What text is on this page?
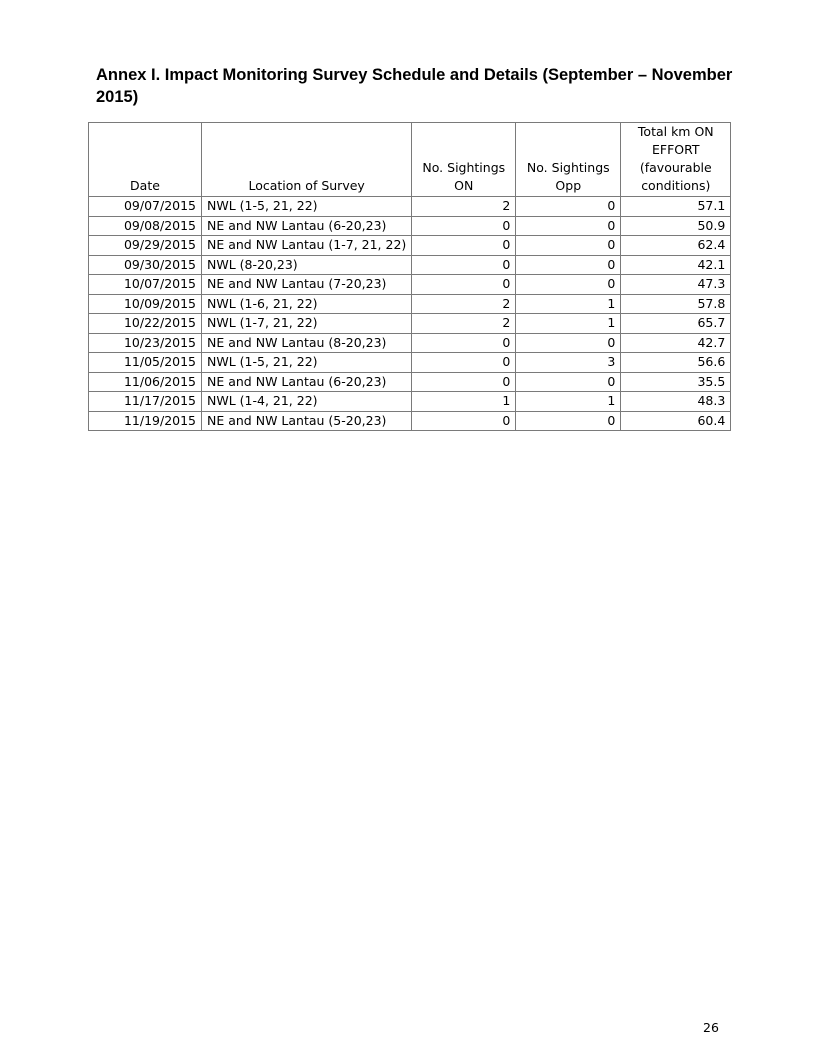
Annex I. Impact Monitoring Survey Schedule and Details (September – November 2015)
Date	Location of Survey	No. Sightings ON	No. Sightings Opp	Total km ON EFFORT (favourable conditions)
09/07/2015	NWL (1-5, 21, 22)	2	0	57.1
09/08/2015	NE and NW Lantau (6-20,23)	0	0	50.9
09/29/2015	NE and NW Lantau (1-7, 21, 22)	0	0	62.4
09/30/2015	NWL (8-20,23)	0	0	42.1
10/07/2015	NE and NW Lantau (7-20,23)	0	0	47.3
10/09/2015	NWL (1-6, 21, 22)	2	1	57.8
10/22/2015	NWL (1-7, 21, 22)	2	1	65.7
10/23/2015	NE and NW Lantau (8-20,23)	0	0	42.7
11/05/2015	NWL (1-5, 21, 22)	0	3	56.6
11/06/2015	NE and NW Lantau (6-20,23)	0	0	35.5
11/17/2015	NWL (1-4, 21, 22)	1	1	48.3
11/19/2015	NE and NW Lantau (5-20,23)	0	0	60.4
26
